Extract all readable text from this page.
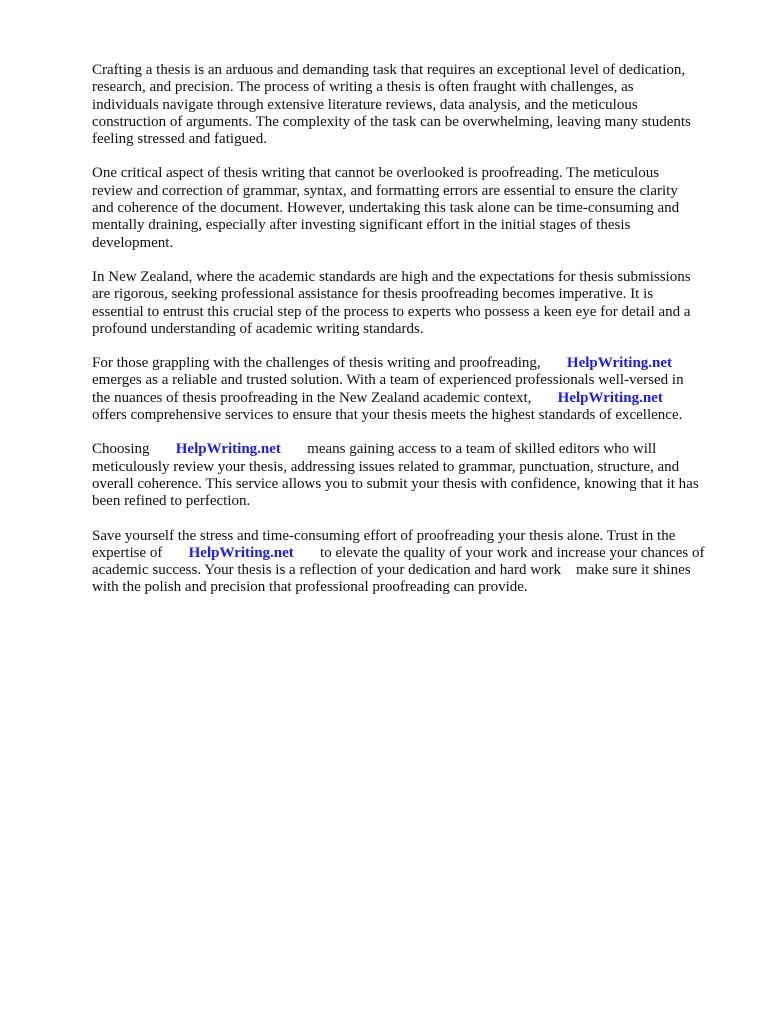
Crafting a thesis is an arduous and demanding task that requires an exceptional level of dedication,
research, and precision. The process of writing a thesis is often fraught with challenges, as
individuals navigate through extensive literature reviews, data analysis, and the meticulous
construction of arguments. The complexity of the task can be overwhelming, leaving many students
feeling stressed and fatigued.

One critical aspect of thesis writing that cannot be overlooked is proofreading. The meticulous
review and correction of grammar, syntax, and formatting errors are essential to ensure the clarity
and coherence of the document. However, undertaking this task alone can be time-consuming and
mentally draining, especially after investing significant effort in the initial stages of thesis
development.

In New Zealand, where the academic standards are high and the expectations for thesis submissions
are rigorous, seeking professional assistance for thesis proofreading becomes imperative. It is
essential to entrust this crucial step of the process to experts who possess a keen eye for detail and a
profound understanding of academic writing standards.

For those grappling with the challenges of thesis writing and proofreading,       HelpWriting.net
emerges as a reliable and trusted solution. With a team of experienced professionals well-versed in
the nuances of thesis proofreading in the New Zealand academic context,       HelpWriting.net
offers comprehensive services to ensure that your thesis meets the highest standards of excellence.

Choosing       HelpWriting.net       means gaining access to a team of skilled editors who will
meticulously review your thesis, addressing issues related to grammar, punctuation, structure, and
overall coherence. This service allows you to submit your thesis with confidence, knowing that it has
been refined to perfection.

Save yourself the stress and time-consuming effort of proofreading your thesis alone. Trust in the
expertise of       HelpWriting.net       to elevate the quality of your work and increase your chances of
academic success. Your thesis is a reflection of your dedication and hard work    make sure it shines
with the polish and precision that professional proofreading can provide.
